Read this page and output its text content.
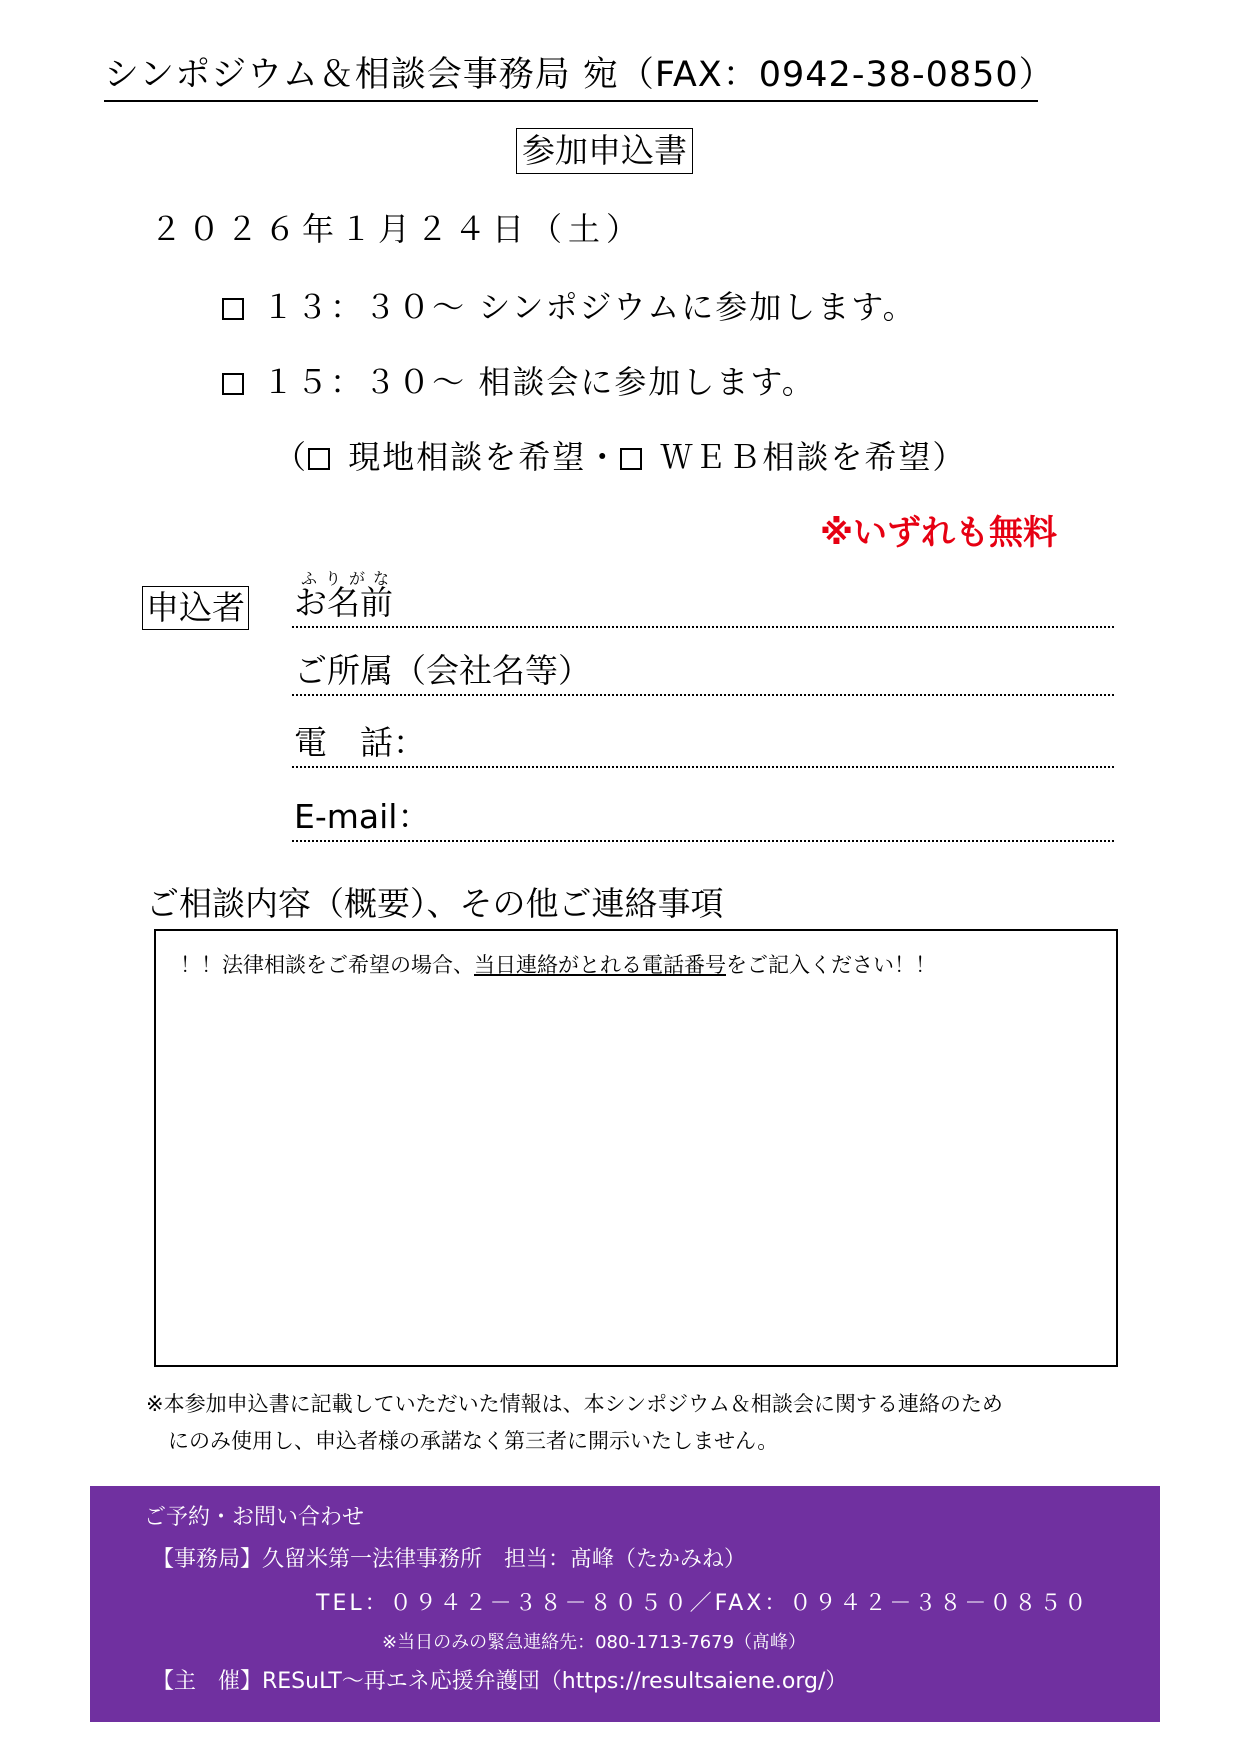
シンポジウム＆相談会事務局 宛（FAX：0942-38-0850）
参加申込書
２０２６年１月２４日（土）
１３：３０～ シンポジウムに参加します。
１５：３０～ 相談会に参加します。
（ 現地相談を希望・ ＷＥＢ相談を希望）
※いずれも無料
申込者
ふりがな
お名前
ご所属（会社名等）
電　話：
E-mail：
ご相談内容（概要）、その他ご連絡事項
！！法律相談をご希望の場合、当日連絡がとれる電話番号をご記入ください！！
※本参加申込書に記載していただいた情報は、本シンポジウム＆相談会に関する連絡のため
にのみ使用し、申込者様の承諾なく第三者に開示いたしません。
ご予約・お問い合わせ
【事務局】久留米第一法律事務所　担当：髙峰（たかみね）
TEL：０９４２－３８－８０５０／FAX：０９４２－３８－０８５０
※当日のみの緊急連絡先：080-1713-7679（髙峰）
【主　催】RESuLT～再エネ応援弁護団（https://resultsaiene.org/）
